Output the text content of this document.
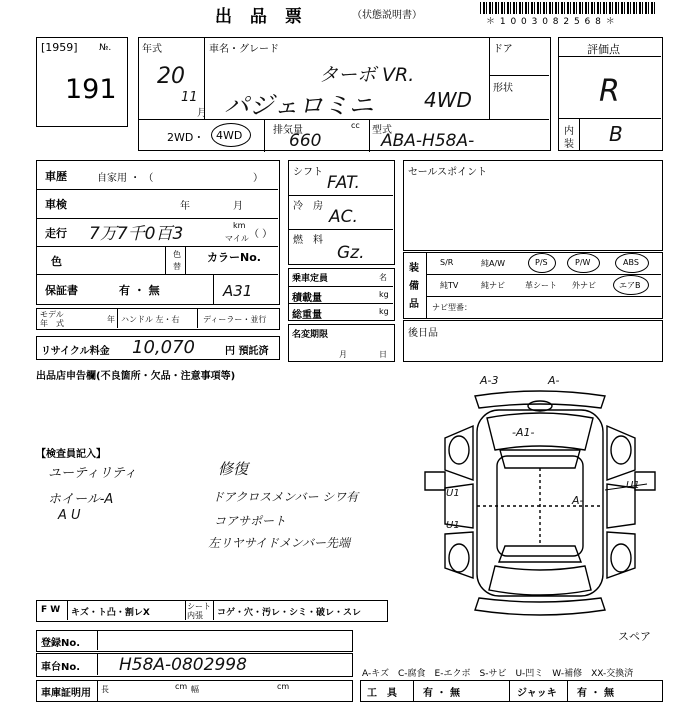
出 品 票	（状態説明書）
＊ 1 0 0 3 0 8 2 5 6 8 ＊
[1959] №.
191
年式
20
11
月
車名・グレード
ターボ VR.
パジェロミニ	4WD
ドア
形状
2WD・ 4WD	排気量	cc
660
型式
ABA-H58A-
評価点
R
内
装 B
車歴	自家用 ・ （	）
車検	年	月
走行 7万7千0百3	km
マイル （ ）
色
色
替
カラーNo.
保証書	有 ・ 無	A31
モデル
年　式	年 ハンドル 左・右	ディーラー・並行
リサイクル料金 10,070	円 預託済
シフト
FAT.
冷　房
AC.
燃　料
Gz.
乗車定員	名
積載量	kg
総重量	kg
名変期限
月	日
セールスポイント
装
備
品
S/R	純A/W	P/S	P/W	ABS
純TV	純ナビ	革シート 外ナビ	エアB
ナビ型番：
後日品
出品店申告欄(不良箇所・欠品・注意事項等)
【検査員記入】
ユーティリティ
ホイール-A
A U
修復
ドアクロスメンバー シワ有
コアサポート
左リヤサイドメンバー先端
A-3	A-
-A1-
U1
U1
A-
U1
スペア
F W キズ・ト凸・割レX
シート
内張 コゲ・穴・汚レ・シミ・破レ・スレ
登録No.
車台No. H58A-0802998
車庫証明用 長	cm 幅	cm
A-キズ　C-腐食　E-エクボ　S-サビ　U-凹ミ　W-補修　XX-交換済
工　具	有 ・ 無	ジャッキ 有 ・ 無
